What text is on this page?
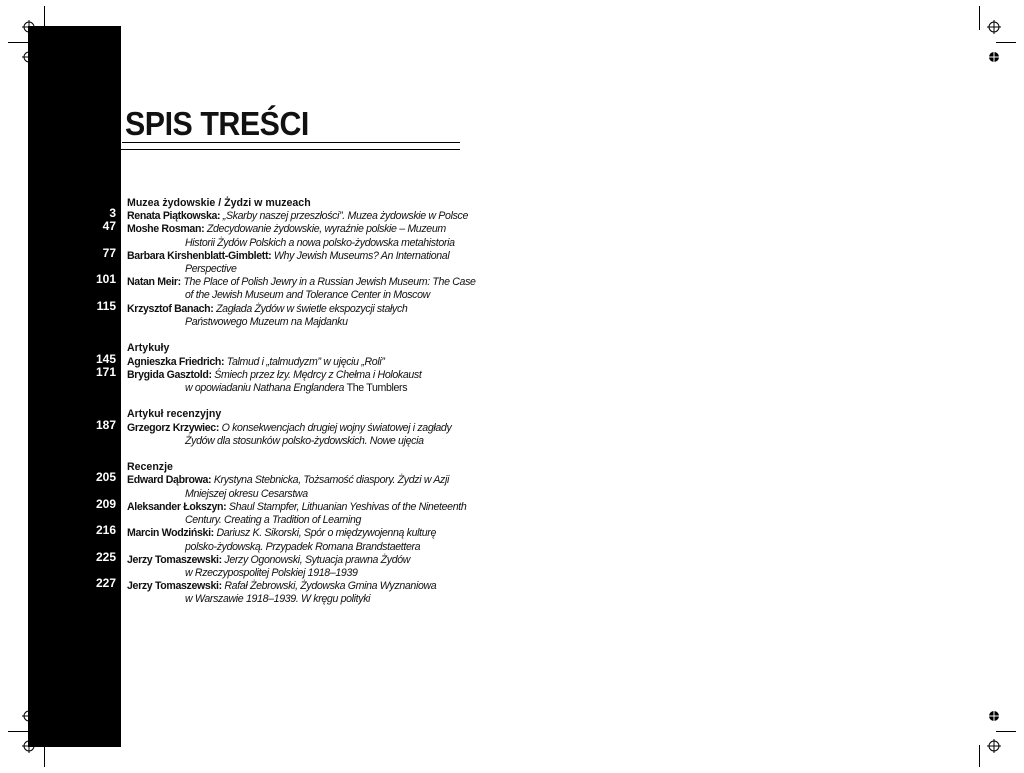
SPIS TREŚCI
Muzea żydowskie / Żydzi w muzeach
3 Renata Piątkowska: „Skarby naszej przeszłości”. Muzea żydowskie w Polsce
47 Moshe Rosman: Zdecydowanie żydowskie, wyraźnie polskie – Muzeum
Historii Żydów Polskich a nowa polsko-żydowska metahistoria
77 Barbara Kirshenblatt-Gimblett: Why Jewish Museums? An International
Perspective
101 Natan Meir: The Place of Polish Jewry in a Russian Jewish Museum: The Case
of the Jewish Museum and Tolerance Center in Moscow
115 Krzysztof Banach: Zagłada Żydów w świetle ekspozycji stałych
Państwowego Muzeum na Majdanku
Artykuły
145 Agnieszka Friedrich: Talmud i „talmudyzm” w ujęciu „Roli”
171 Brygida Gasztold: Śmiech przez łzy. Mędrcy z Chełma i Holokaust
w opowiadaniu Nathana Englandera The Tumblers
Artykuł recenzyjny
187 Grzegorz Krzywiec: O konsekwencjach drugiej wojny światowej i zagłady
Żydów dla stosunków polsko-żydowskich. Nowe ujęcia
Recenzje
205 Edward Dąbrowa: Krystyna Stebnicka, Tożsamość diaspory. Żydzi w Azji
Mniejszej okresu Cesarstwa
209 Aleksander Łokszyn: Shaul Stampfer, Lithuanian Yeshivas of the Nineteenth
Century. Creating a Tradition of Learning
216 Marcin Wodziński: Dariusz K. Sikorski, Spór o międzywojenną kulturę
polsko-żydowską. Przypadek Romana Brandstaettera
225 Jerzy Tomaszewski: Jerzy Ogonowski, Sytuacja prawna Żydów
w Rzeczypospolitej Polskiej 1918–1939
227 Jerzy Tomaszewski: Rafał Żebrowski, Żydowska Gmina Wyznaniowa
w Warszawie 1918–1939. W kręgu polityki
